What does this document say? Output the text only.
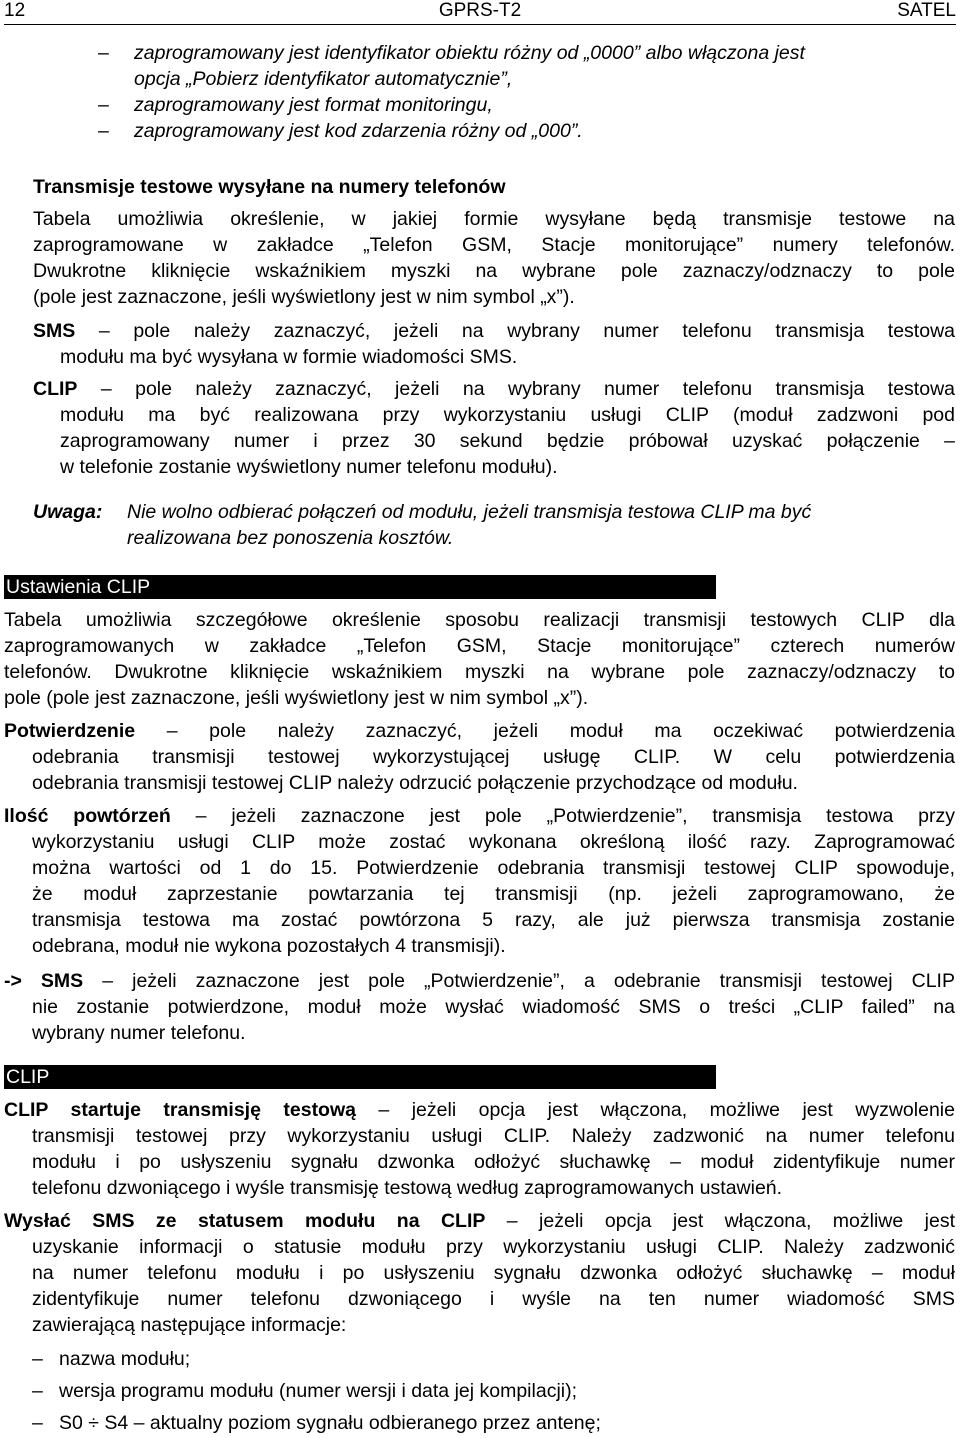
12	GPRS-T2	SATEL
– zaprogramowany jest identyfikator obiektu różny od „0000” albo włączona jest
opcja „Pobierz identyfikator automatycznie”,
– zaprogramowany jest format monitoringu,
– zaprogramowany jest kod zdarzenia różny od „000”.
Transmisje testowe wysyłane na numery telefonów
Tabela umożliwia określenie, w jakiej formie wysyłane będą transmisje testowe na
zaprogramowane w zakładce „Telefon GSM, Stacje monitorujące” numery telefonów.
Dwukrotne kliknięcie wskaźnikiem myszki na wybrane pole zaznaczy/odznaczy to pole
(pole jest zaznaczone, jeśli wyświetlony jest w nim symbol „x”).
SMS – pole należy zaznaczyć, jeżeli na wybrany numer telefonu transmisja testowa
modułu ma być wysyłana w formie wiadomości SMS.
CLIP – pole należy zaznaczyć, jeżeli na wybrany numer telefonu transmisja testowa
modułu ma być realizowana przy wykorzystaniu usługi CLIP (moduł zadzwoni pod
zaprogramowany numer i przez 30 sekund będzie próbował uzyskać połączenie –
w telefonie zostanie wyświetlony numer telefonu modułu).
Uwaga: Nie wolno odbierać połączeń od modułu, jeżeli transmisja testowa CLIP ma być
realizowana bez ponoszenia kosztów.
Ustawienia CLIP
Tabela umożliwia szczegółowe określenie sposobu realizacji transmisji testowych CLIP dla
zaprogramowanych w zakładce „Telefon GSM, Stacje monitorujące” czterech numerów
telefonów. Dwukrotne kliknięcie wskaźnikiem myszki na wybrane pole zaznaczy/odznaczy to
pole (pole jest zaznaczone, jeśli wyświetlony jest w nim symbol „x”).
Potwierdzenie – pole należy zaznaczyć, jeżeli moduł ma oczekiwać potwierdzenia
odebrania transmisji testowej wykorzystującej usługę CLIP. W celu potwierdzenia
odebrania transmisji testowej CLIP należy odrzucić połączenie przychodzące od modułu.
Ilość powtórzeń – jeżeli zaznaczone jest pole „Potwierdzenie”, transmisja testowa przy
wykorzystaniu usługi CLIP może zostać wykonana określoną ilość razy. Zaprogramować
można wartości od 1 do 15. Potwierdzenie odebrania transmisji testowej CLIP spowoduje,
że moduł zaprzestanie powtarzania tej transmisji (np. jeżeli zaprogramowano, że
transmisja testowa ma zostać powtórzona 5 razy, ale już pierwsza transmisja zostanie
odebrana, moduł nie wykona pozostałych 4 transmisji).
-> SMS – jeżeli zaznaczone jest pole „Potwierdzenie”, a odebranie transmisji testowej CLIP
nie zostanie potwierdzone, moduł może wysłać wiadomość SMS o treści „CLIP failed” na
wybrany numer telefonu.
CLIP
CLIP startuje transmisję testową – jeżeli opcja jest włączona, możliwe jest wyzwolenie
transmisji testowej przy wykorzystaniu usługi CLIP. Należy zadzwonić na numer telefonu
modułu i po usłyszeniu sygnału dzwonka odłożyć słuchawkę – moduł zidentyfikuje numer
telefonu dzwoniącego i wyśle transmisję testową według zaprogramowanych ustawień.
Wysłać SMS ze statusem modułu na CLIP – jeżeli opcja jest włączona, możliwe jest
uzyskanie informacji o statusie modułu przy wykorzystaniu usługi CLIP. Należy zadzwonić
na numer telefonu modułu i po usłyszeniu sygnału dzwonka odłożyć słuchawkę – moduł
zidentyfikuje numer telefonu dzwoniącego i wyśle na ten numer wiadomość SMS
zawierającą następujące informacje:
– nazwa modułu;
– wersja programu modułu (numer wersji i data jej kompilacji);
– S0 ÷ S4 – aktualny poziom sygnału odbieranego przez antenę;
